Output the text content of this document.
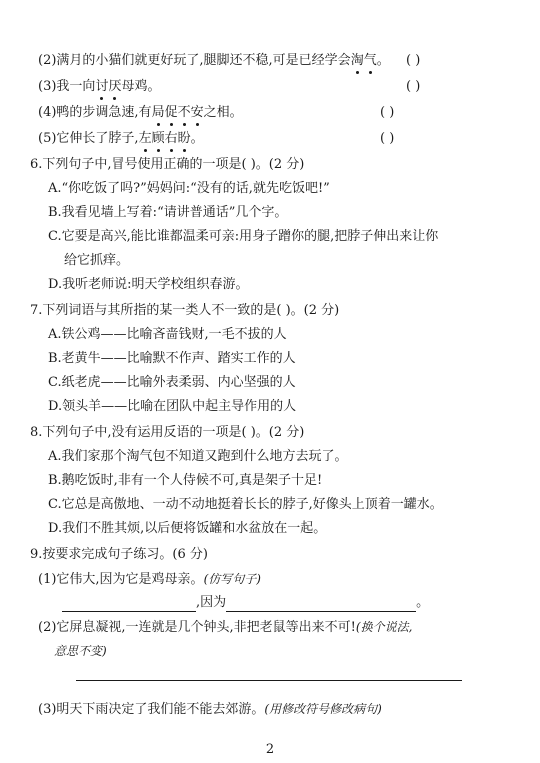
(2)满月的小猫们就更好玩了,腿脚还不稳,可是已经学会淘气。 ( )
(3)我一向讨厌母鸡。	( )
(4)鸭的步调急速,有局促不安之相。	( )
(5)它伸长了脖子,左顾右盼。	( )
6.下列句子中,冒号使用正确的一项是( )。(2 分)
A.“你吃饭了吗?”妈妈问:“没有的话,就先吃饭吧!”
B.我看见墙上写着:“请讲普通话”几个字。
C.它要是高兴,能比谁都温柔可亲:用身子蹭你的腿,把脖子伸出来让你
给它抓痒。
D.我听老师说:明天学校组织春游。
7.下列词语与其所指的某一类人不一致的是( )。(2 分)
A.铁公鸡——比喻吝啬钱财,一毛不拔的人
B.老黄牛——比喻默不作声、踏实工作的人
C.纸老虎——比喻外表柔弱、内心坚强的人
D.领头羊——比喻在团队中起主导作用的人
8.下列句子中,没有运用反语的一项是( )。(2 分)
A.我们家那个淘气包不知道又跑到什么地方去玩了。
B.鹅吃饭时,非有一个人侍候不可,真是架子十足!
C.它总是高傲地、一动不动地挺着长长的脖子,好像头上顶着一罐水。
D.我们不胜其烦,以后便将饭罐和水盆放在一起。
9.按要求完成句子练习。(6 分)
(1)它伟大,因为它是鸡母亲。(仿写句子)
,因为	。
(2)它屏息凝视,一连就是几个钟头,非把老鼠等出来不可!(换个说法,
意思不变)
(3)明天下雨决定了我们能不能去郊游。(用修改符号修改病句)
2
